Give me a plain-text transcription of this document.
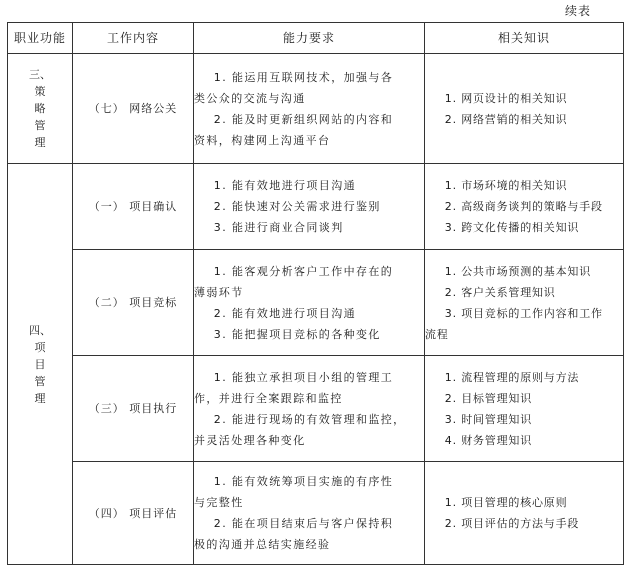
续表
职业功能	工作内容	能力要求	相关知识

三、
策
略
管
理	（七） 网络公关	1. 能运用互联网技术，加强与各
类公众的交流与沟通
2. 能及时更新组织网站的内容和
资料，构建网上沟通平台	1. 网页设计的相关知识
2. 网络营销的相关知识

四、
项
目
管
理	（一） 项目确认	1. 能有效地进行项目沟通
2. 能快速对公关需求进行鉴别
3. 能进行商业合同谈判	1. 市场环境的相关知识
2. 高级商务谈判的策略与手段
3. 跨文化传播的相关知识

	（二） 项目竞标	1. 能客观分析客户工作中存在的
薄弱环节
2. 能有效地进行项目沟通
3. 能把握项目竞标的各种变化	1. 公共市场预测的基本知识
2. 客户关系管理知识
3. 项目竞标的工作内容和工作
流程

	（三） 项目执行	1. 能独立承担项目小组的管理工
作，并进行全案跟踪和监控
2. 能进行现场的有效管理和监控，
并灵活处理各种变化	1. 流程管理的原则与方法
2. 目标管理知识
3. 时间管理知识
4. 财务管理知识

	（四） 项目评估	1. 能有效统筹项目实施的有序性
与完整性
2. 能在项目结束后与客户保持积
极的沟通并总结实施经验	1. 项目管理的核心原则
2. 项目评估的方法与手段
